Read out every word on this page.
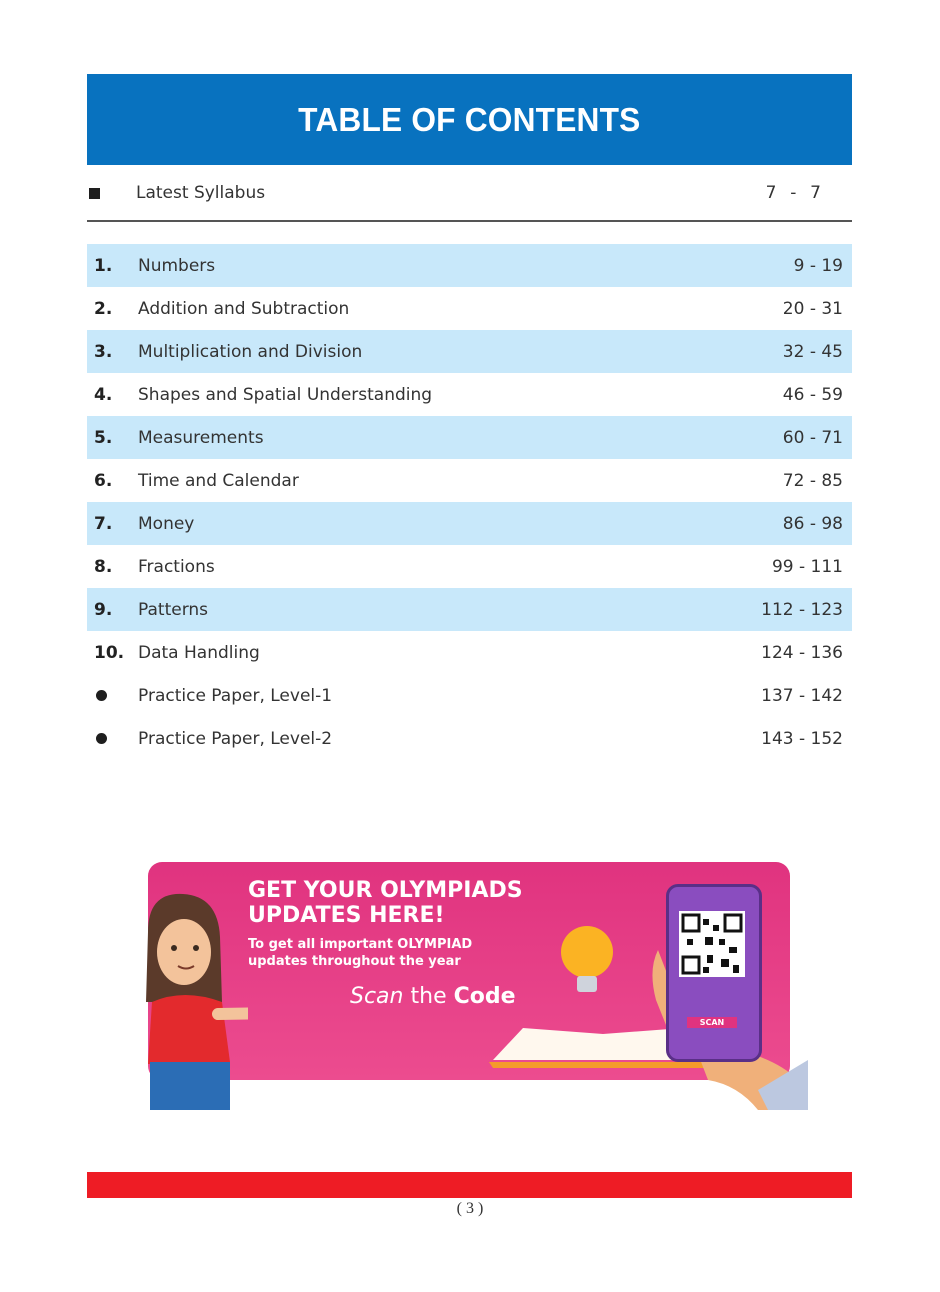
TABLE OF CONTENTS
Latest Syllabus	7  -  7
1. Numbers	9 - 19
2. Addition and Subtraction	20 - 31
3. Multiplication and Division	32 - 45
4. Shapes and Spatial Understanding	46 - 59
5. Measurements	60 - 71
6. Time and Calendar	72 - 85
7. Money	86 - 98
8. Fractions	99 - 111
9. Patterns	112 - 123
10. Data Handling	124 - 136
Practice Paper, Level-1	137 - 142
Practice Paper, Level-2	143 - 152

GET YOUR OLYMPIADS

UPDATES HERE!

To get all important OLYMPIAD
updates throughout the year
Scan the Code
SCAN
( 3 )
